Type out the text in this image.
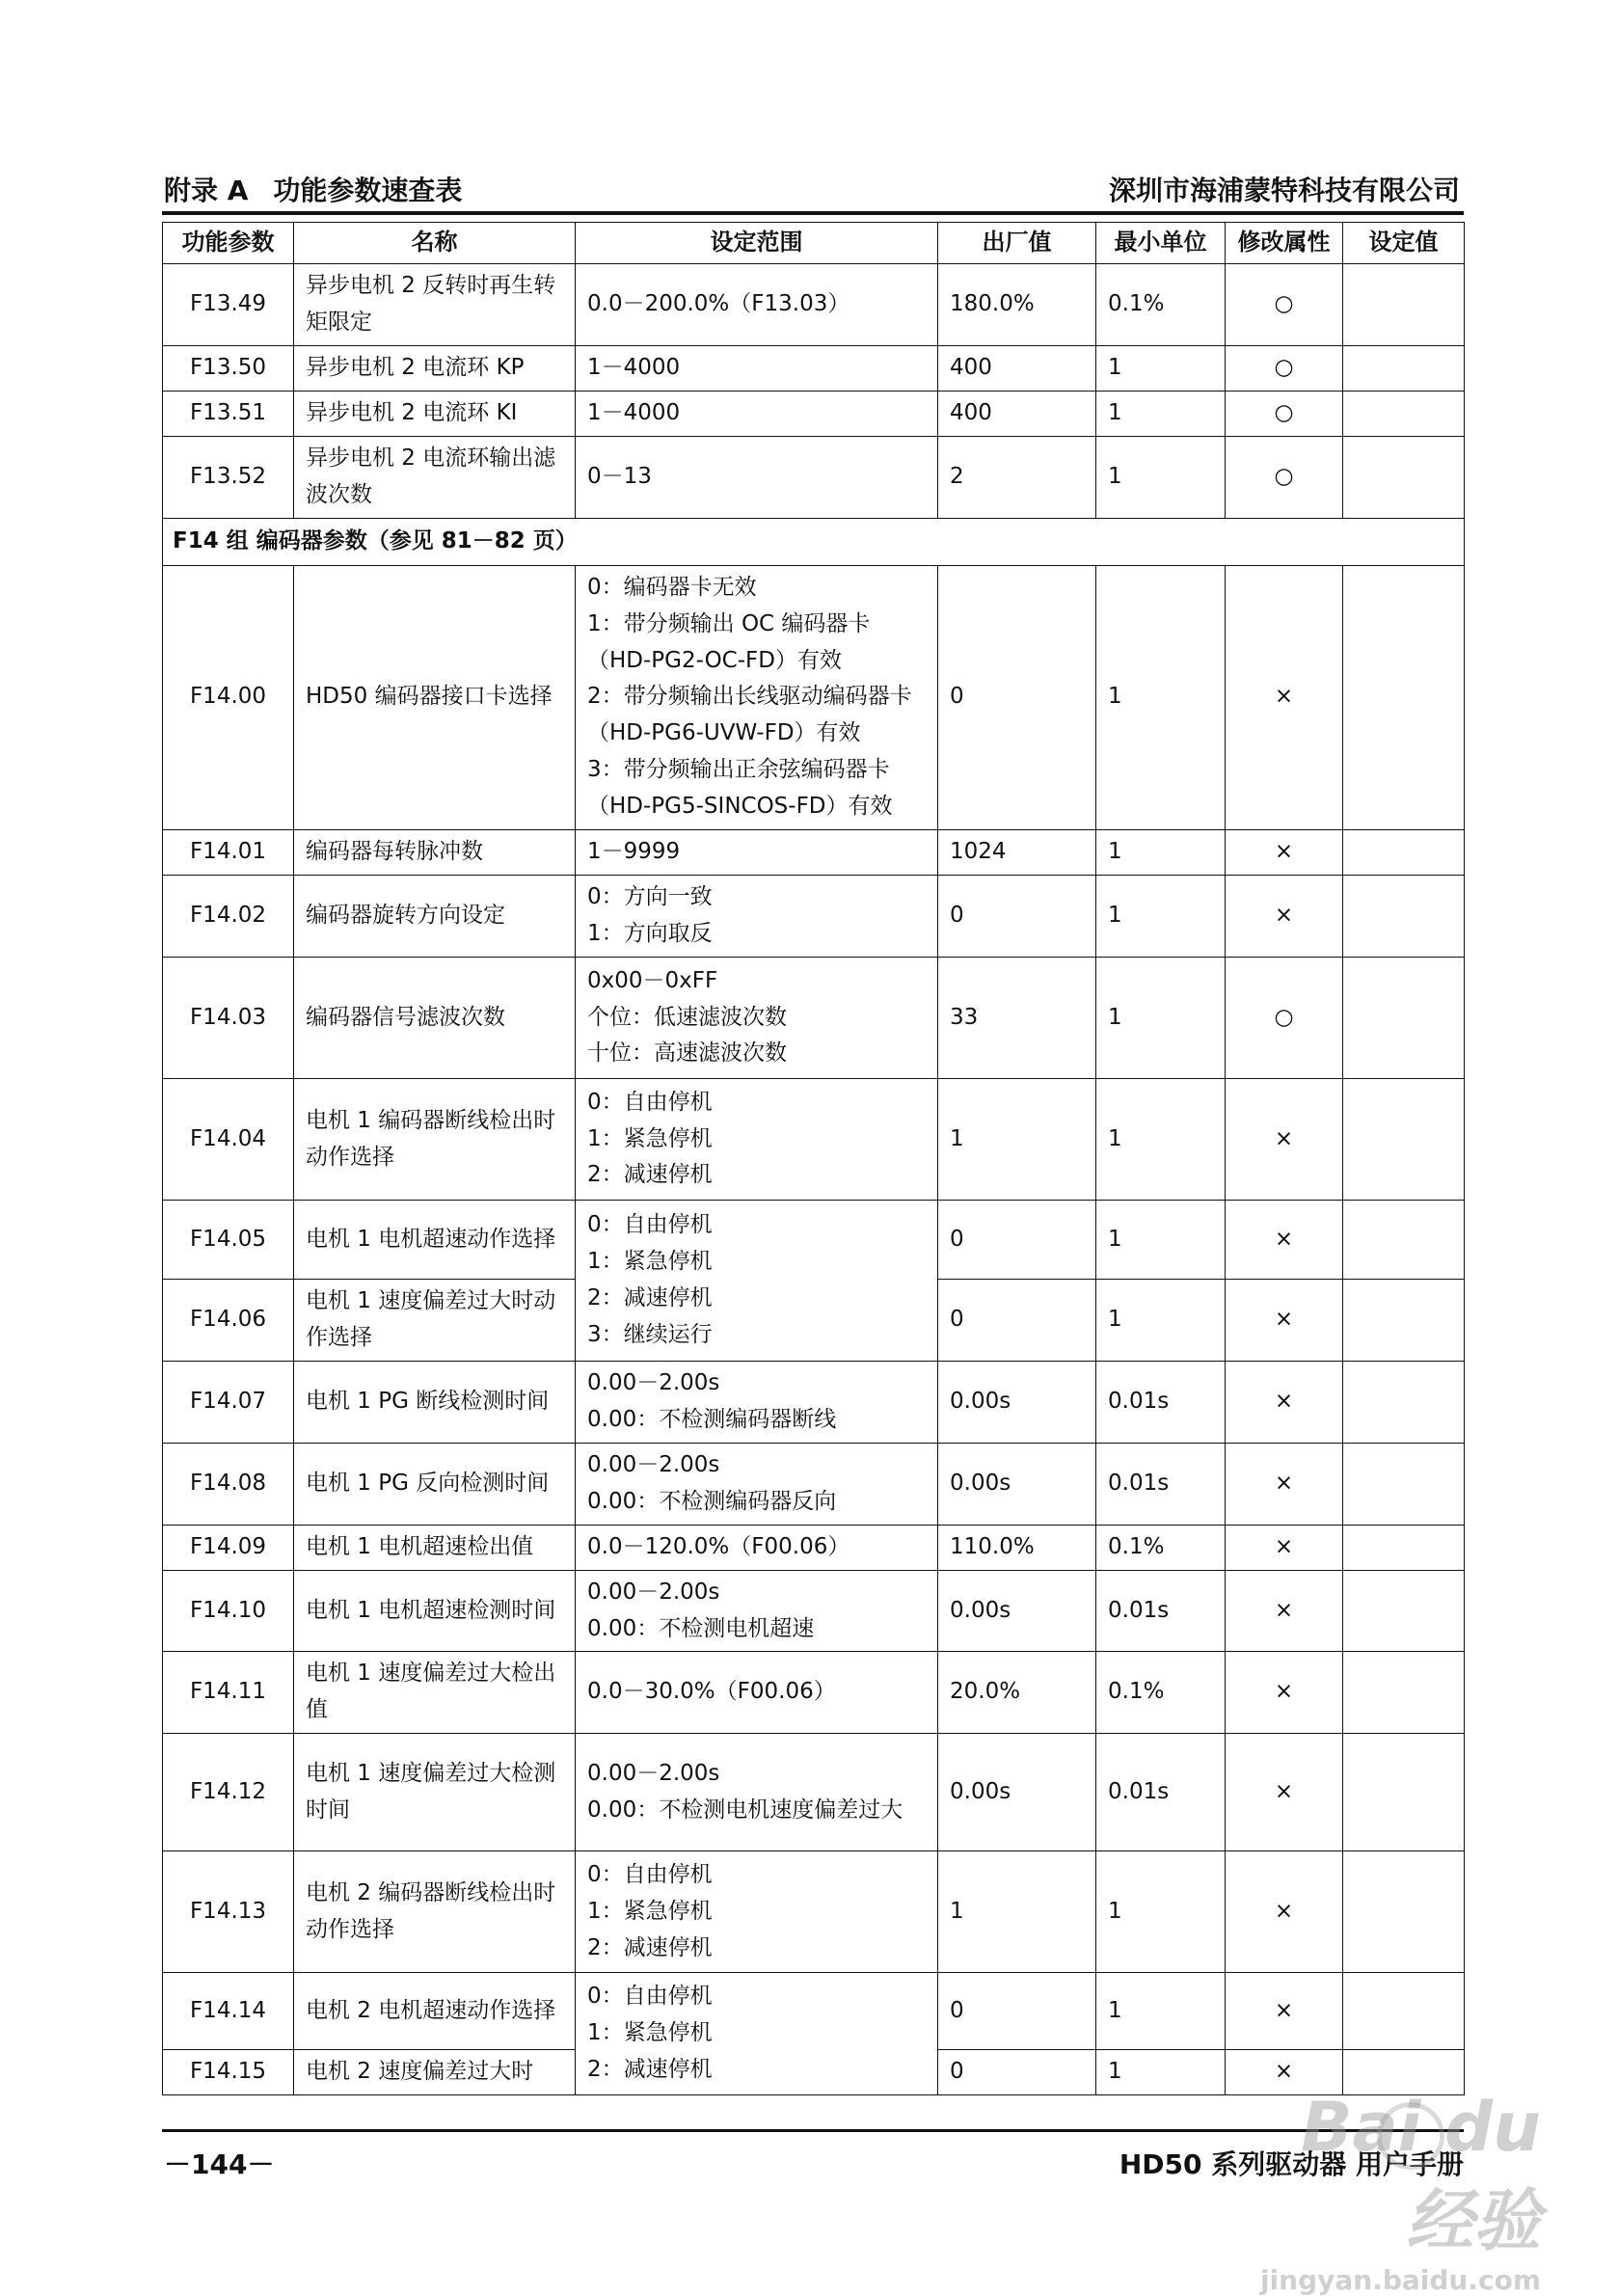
附录 A 功能参数速查表	深圳市海浦蒙特科技有限公司
功能参数	名称	设定范围	出厂值	最小单位	修改属性	设定值
F13.49	异步电机 2 反转时再生转矩限定	0.0－200.0%（F13.03）	180.0%	0.1%	○	
F13.50	异步电机 2 电流环 KP	1－4000	400	1	○	
F13.51	异步电机 2 电流环 KI	1－4000	400	1	○	
F13.52	异步电机 2 电流环输出滤波次数	0－13	2	1	○	
F14 组 编码器参数（参见 81－82 页）						
F14.00	HD50 编码器接口卡选择	0：编码器卡无效
1：带分频输出 OC 编码器卡（HD-PG2-OC-FD）有效
2：带分频输出长线驱动编码器卡（HD-PG6-UVW-FD）有效
3：带分频输出正余弦编码器卡（HD-PG5-SINCOS-FD）有效	0	1	×	
F14.01	编码器每转脉冲数	1－9999	1024	1	×	
F14.02	编码器旋转方向设定	0：方向一致
1：方向取反	0	1	×	
F14.03	编码器信号滤波次数	0x00－0xFF
个位：低速滤波次数
十位：高速滤波次数	33	1	○	
F14.04	电机 1 编码器断线检出时动作选择	0：自由停机
1：紧急停机
2：减速停机	1	1	×	
F14.05	电机 1 电机超速动作选择	0：自由停机
1：紧急停机
2：减速停机
3：继续运行	0	1	×	
F14.06	电机 1 速度偏差过大时动作选择		0	1	×	
F14.07	电机 1 PG 断线检测时间	0.00－2.00s
0.00：不检测编码器断线	0.00s	0.01s	×	
F14.08	电机 1 PG 反向检测时间	0.00－2.00s
0.00：不检测编码器反向	0.00s	0.01s	×	
F14.09	电机 1 电机超速检出值	0.0－120.0%（F00.06）	110.0%	0.1%	×	
F14.10	电机 1 电机超速检测时间	0.00－2.00s
0.00：不检测电机超速	0.00s	0.01s	×	
F14.11	电机 1 速度偏差过大检出值	0.0－30.0%（F00.06）	20.0%	0.1%	×	
F14.12	电机 1 速度偏差过大检测时间	0.00－2.00s
0.00：不检测电机速度偏差过大	0.00s	0.01s	×	
F14.13	电机 2 编码器断线检出时动作选择	0：自由停机
1：紧急停机
2：减速停机	1	1	×	
F14.14	电机 2 电机超速动作选择	0：自由停机
1：紧急停机
2：减速停机	0	1	×	
F14.15	电机 2 速度偏差过大时		0	1	×	
－144－	HD50 系列驱动器 用户手册
Bai du 经验
jingyan.baidu.com
